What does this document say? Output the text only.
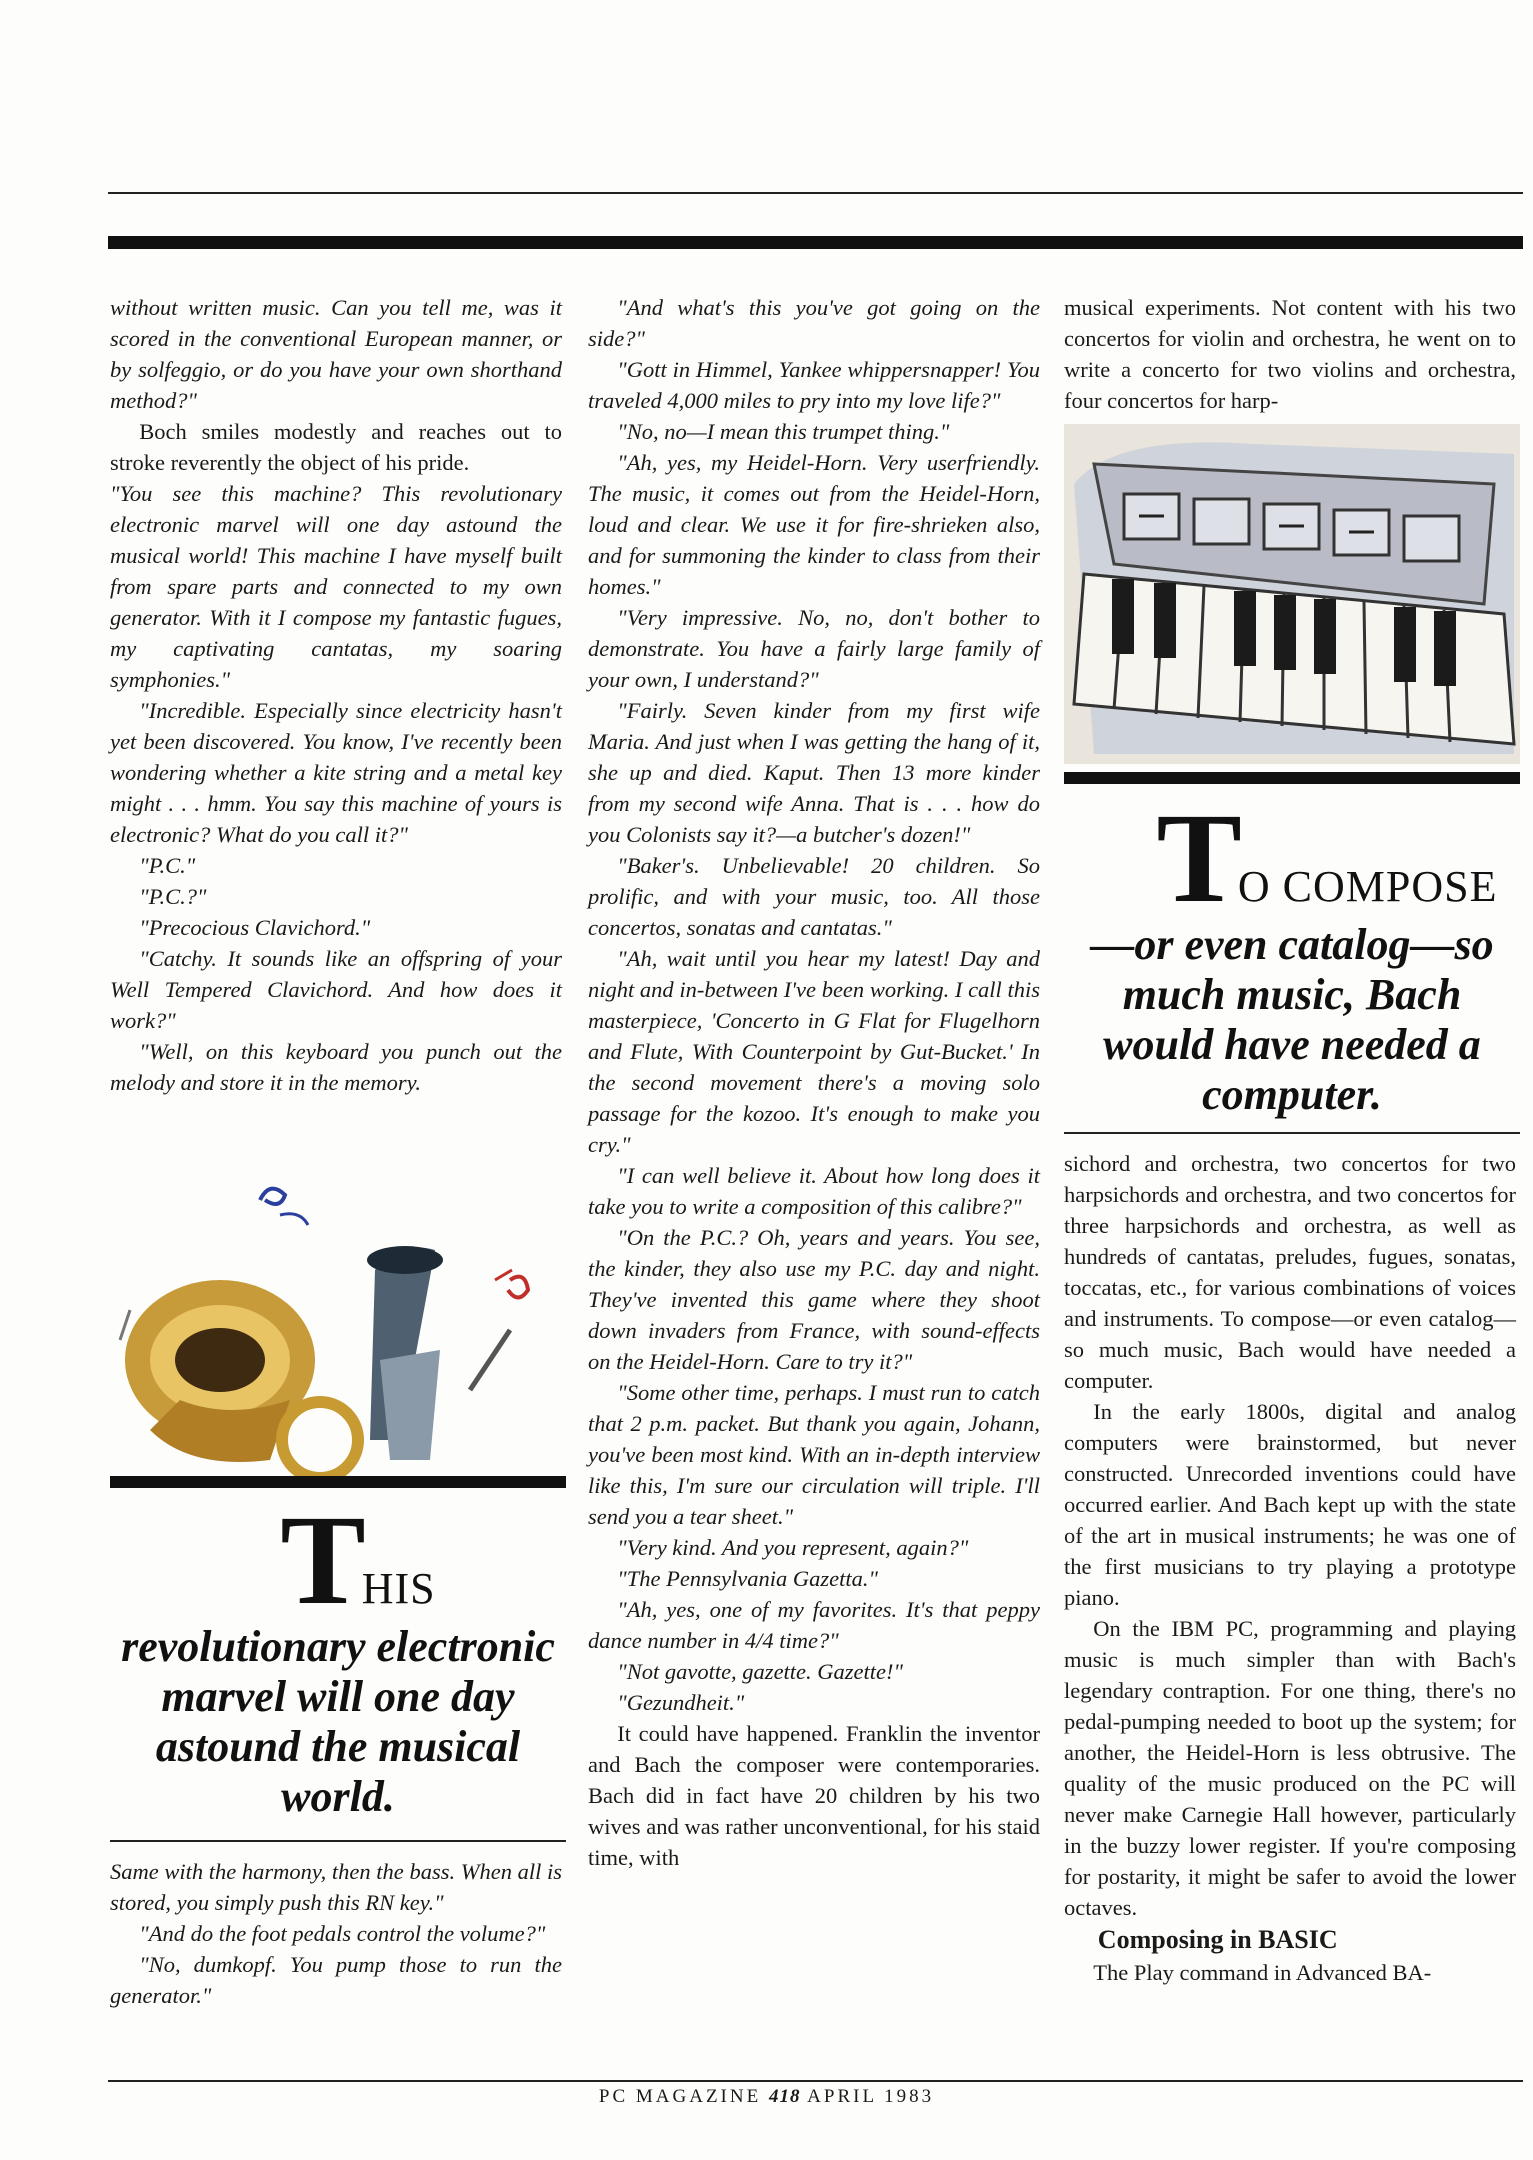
without written music. Can you tell me, was it scored in the conventional European manner, or by solfeggio, or do you have your own shorthand method?"

Boch smiles modestly and reaches out to stroke reverently the object of his pride.

"You see this machine? This revolutionary electronic marvel will one day astound the musical world! This machine I have myself built from spare parts and connected to my own generator. With it I compose my fantastic fugues, my captivating cantatas, my soaring symphonies."

"Incredible. Especially since electricity hasn't yet been discovered. You know, I've recently been wondering whether a kite string and a metal key might . . . hmm. You say this machine of yours is electronic? What do you call it?"

"P.C."

"P.C.?"

"Precocious Clavichord."

"Catchy. It sounds like an offspring of your Well Tempered Clavichord. And how does it work?"

"Well, on this keyboard you punch out the melody and store it in the memory.

THIS
revolutionary electronic marvel will one day astound the musical world.

Same with the harmony, then the bass. When all is stored, you simply push this RN key."

"And do the foot pedals control the volume?"

"No, dumkopf. You pump those to run the generator."

"And what's this you've got going on the side?"

"Gott in Himmel, Yankee whippersnapper! You traveled 4,000 miles to pry into my love life?"

"No, no—I mean this trumpet thing."

"Ah, yes, my Heidel-Horn. Very userfriendly. The music, it comes out from the Heidel-Horn, loud and clear. We use it for fire-shrieken also, and for summoning the kinder to class from their homes."

"Very impressive. No, no, don't bother to demonstrate. You have a fairly large family of your own, I understand?"

"Fairly. Seven kinder from my first wife Maria. And just when I was getting the hang of it, she up and died. Kaput. Then 13 more kinder from my second wife Anna. That is . . . how do you Colonists say it?—a butcher's dozen!"

"Baker's. Unbelievable! 20 children. So prolific, and with your music, too. All those concertos, sonatas and cantatas."

"Ah, wait until you hear my latest! Day and night and in-between I've been working. I call this masterpiece, 'Concerto in G Flat for Flugelhorn and Flute, With Counterpoint by Gut-Bucket.' In the second movement there's a moving solo passage for the kozoo. It's enough to make you cry."

"I can well believe it. About how long does it take you to write a composition of this calibre?"

"On the P.C.? Oh, years and years. You see, the kinder, they also use my P.C. day and night. They've invented this game where they shoot down invaders from France, with sound-effects on the Heidel-Horn. Care to try it?"

"Some other time, perhaps. I must run to catch that 2 p.m. packet. But thank you again, Johann, you've been most kind. With an in-depth interview like this, I'm sure our circulation will triple. I'll send you a tear sheet."

"Very kind. And you represent, again?"

"The Pennsylvania Gazetta."

"Ah, yes, one of my favorites. It's that peppy dance number in 4/4 time?"

"Not gavotte, gazette. Gazette!"

"Gezundheit."

It could have happened. Franklin the inventor and Bach the composer were contemporaries. Bach did in fact have 20 children by his two wives and was rather unconventional, for his staid time, with

musical experiments. Not content with his two concertos for violin and orchestra, he went on to write a concerto for two violins and orchestra, four concertos for harp-

TO COMPOSE
—or even catalog—so much music, Bach would have needed a computer.

sichord and orchestra, two concertos for two harpsichords and orchestra, and two concertos for three harpsichords and orchestra, as well as hundreds of cantatas, preludes, fugues, sonatas, toccatas, etc., for various combinations of voices and instruments. To compose—or even catalog—so much music, Bach would have needed a computer.

In the early 1800s, digital and analog computers were brainstormed, but never constructed. Unrecorded inventions could have occurred earlier. And Bach kept up with the state of the art in musical instruments; he was one of the first musicians to try playing a prototype piano.

On the IBM PC, programming and playing music is much simpler than with Bach's legendary contraption. For one thing, there's no pedal-pumping needed to boot up the system; for another, the Heidel-Horn is less obtrusive. The quality of the music produced on the PC will never make Carnegie Hall however, particularly in the buzzy lower register. If you're composing for postarity, it might be safer to avoid the lower octaves.

Composing in BASIC

The Play command in Advanced BA-

PC MAGAZINE 418 APRIL 1983
